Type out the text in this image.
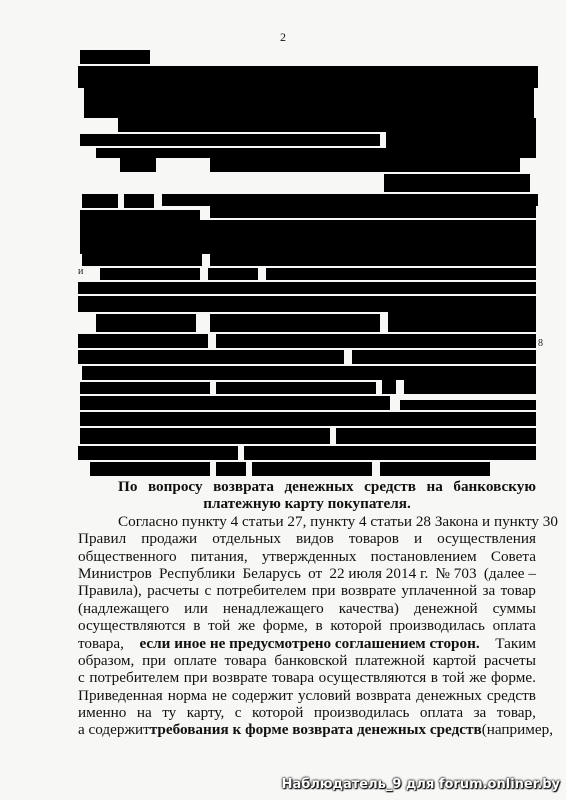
2
и
8
По вопросу возврата денежных средств на банковскую
платежную карту покупателя.
Согласно пункту 4 статьи 27, пункту 4 статьи 28 Закона и пункту 30
Правил продажи отдельных видов товаров и осуществления
общественного питания, утвержденных постановлением Совета
Министров Республики Беларусь от 22 июля 2014 г. № 703 (далее –
Правила), расчеты с потребителем при возврате уплаченной за товар
(надлежащего или ненадлежащего качества) денежной суммы
осуществляются в той же форме, в которой производилась оплата
товара, если иное не предусмотрено соглашением сторон. Таким
образом, при оплате товара банковской платежной картой расчеты
с потребителем при возврате товара осуществляются в той же форме.
Приведенная норма не содержит условий возврата денежных средств
именно на ту карту, с которой производилась оплата за товар,
а содержит требования к форме возврата денежных средств (например,
Наблюдатель_9 для forum.onliner.by
